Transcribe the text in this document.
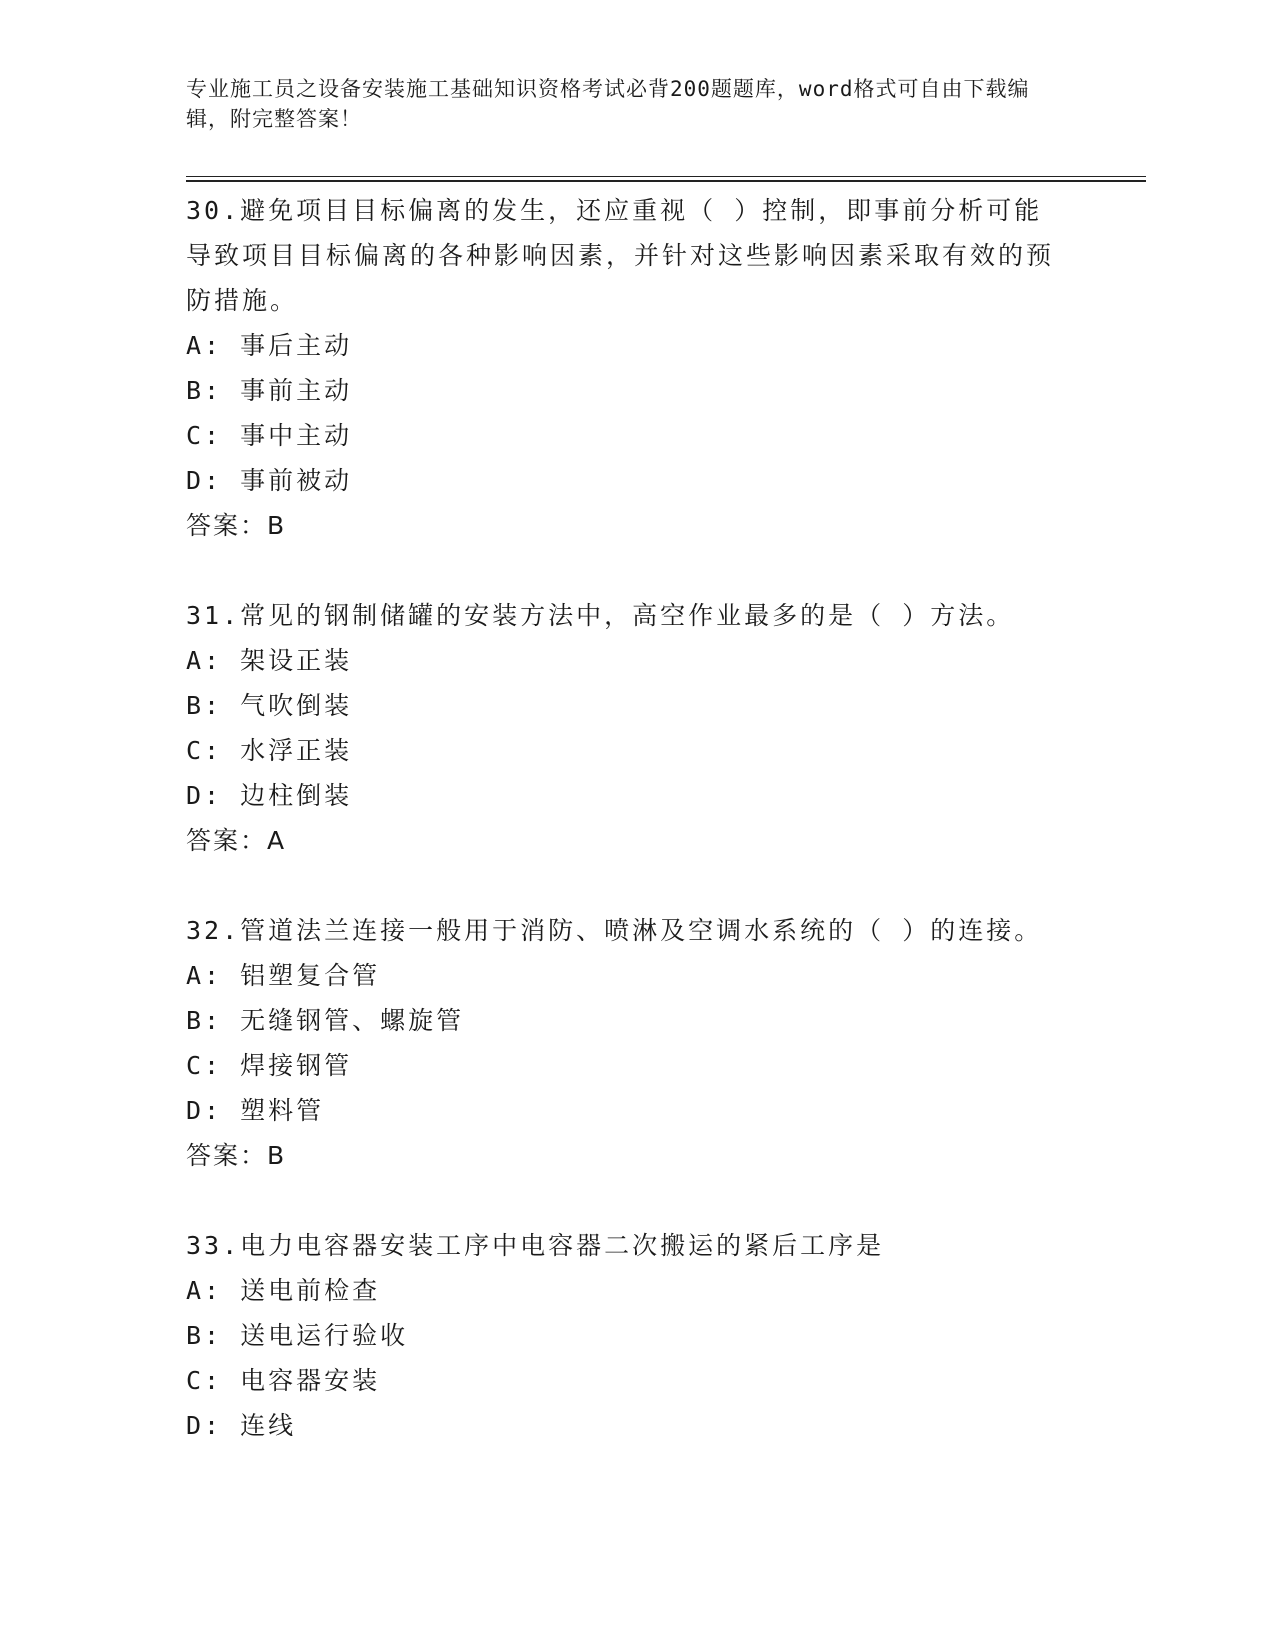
专业施工员之设备安装施工基础知识资格考试必背200题题库，word格式可自由下载编辑，附完整答案！
30.避免项目目标偏离的发生，还应重视（ ）控制，即事前分析可能导致项目目标偏离的各种影响因素，并针对这些影响因素采取有效的预防措施。
A: 事后主动
B: 事前主动
C: 事中主动
D: 事前被动
答案：B
31.常见的钢制储罐的安装方法中，高空作业最多的是（ ）方法。
A: 架设正装
B: 气吹倒装
C: 水浮正装
D: 边柱倒装
答案：A
32.管道法兰连接一般用于消防、喷淋及空调水系统的（ ）的连接。
A: 铝塑复合管
B: 无缝钢管、螺旋管
C: 焊接钢管
D: 塑料管
答案：B
33.电力电容器安装工序中电容器二次搬运的紧后工序是
A: 送电前检查
B: 送电运行验收
C: 电容器安装
D: 连线
